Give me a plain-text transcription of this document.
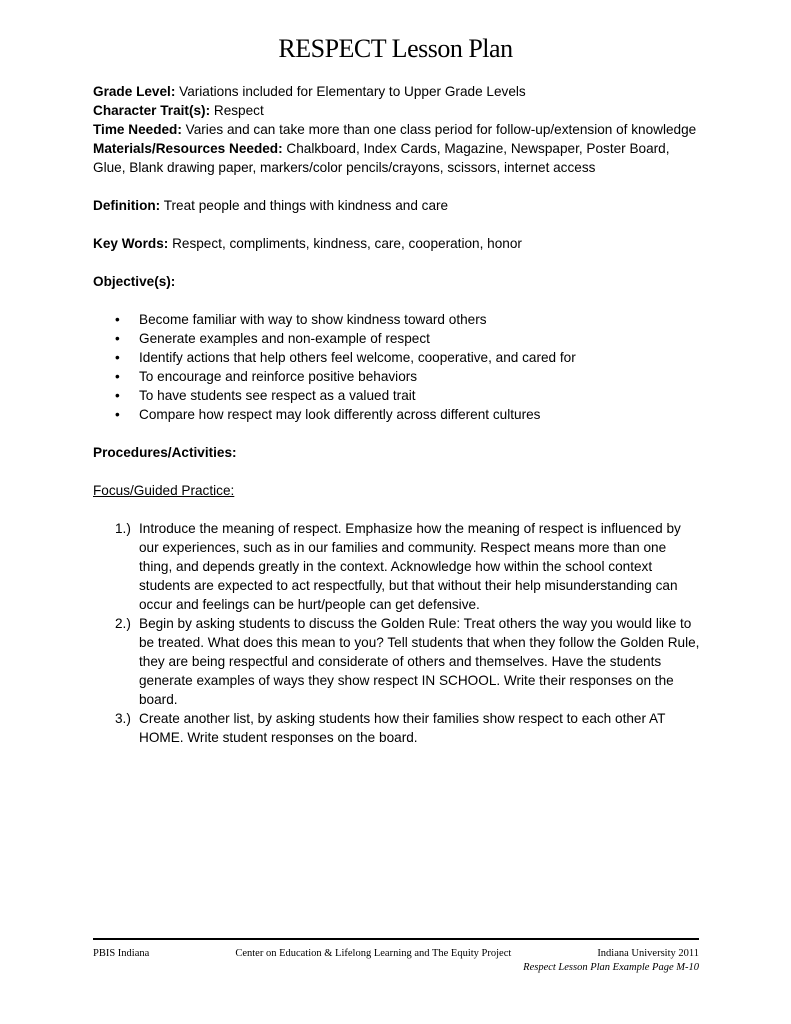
RESPECT Lesson Plan

Grade Level: Variations included for Elementary to Upper Grade Levels

Character Trait(s): Respect

Time Needed: Varies and can take more than one class period for follow-up/extension of knowledge

Materials/Resources Needed: Chalkboard, Index Cards, Magazine, Newspaper, Poster Board, Glue, Blank drawing paper, markers/color pencils/crayons, scissors, internet access

Definition: Treat people and things with kindness and care

Key Words: Respect, compliments, kindness, care, cooperation, honor

Objective(s):

• Become familiar with way to show kindness toward others
• Generate examples and non-example of respect
• Identify actions that help others feel welcome, cooperative, and cared for
• To encourage and reinforce positive behaviors
• To have students see respect as a valued trait
• Compare how respect may look differently across different cultures

Procedures/Activities:

Focus/Guided Practice:

1.) Introduce the meaning of respect. Emphasize how the meaning of respect is influenced by our experiences, such as in our families and community. Respect means more than one thing, and depends greatly in the context. Acknowledge how within the school context students are expected to act respectfully, but that without their help misunderstanding can occur and feelings can be hurt/people can get defensive.
2.) Begin by asking students to discuss the Golden Rule: Treat others the way you would like to be treated. What does this mean to you? Tell students that when they follow the Golden Rule, they are being respectful and considerate of others and themselves. Have the students generate examples of ways they show respect IN SCHOOL. Write their responses on the board.
3.) Create another list, by asking students how their families show respect to each other AT HOME. Write student responses on the board.
PBIS Indiana	Center on Education & Lifelong Learning and The Equity Project	Indiana University 2011
Respect Lesson Plan Example Page M-10
